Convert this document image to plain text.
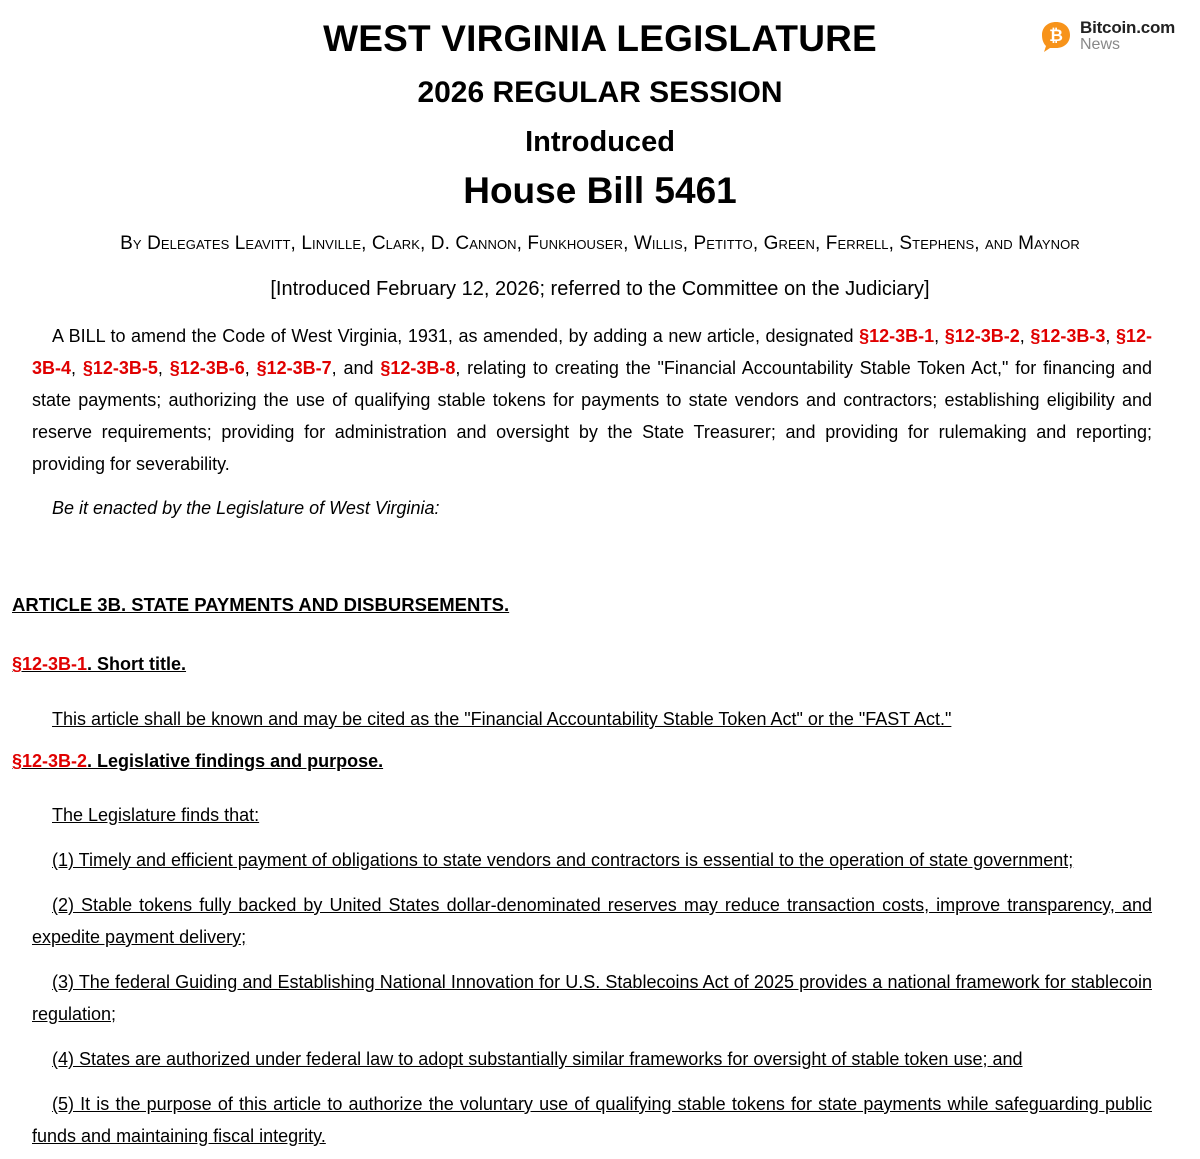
₿ Bitcoin.com
News
WEST VIRGINIA LEGISLATURE
2026 REGULAR SESSION
Introduced
House Bill 5461
By Delegates Leavitt, Linville, Clark, D. Cannon, Funkhouser, Willis, Petitto, Green, Ferrell, Stephens, and Maynor
[Introduced February 12, 2026; referred to the Committee on the Judiciary]

A BILL to amend the Code of West Virginia, 1931, as amended, by adding a new article, designated §12-3B-1, §12-3B-2, §12-3B-3, §12-3B-4, §12-3B-5, §12-3B-6, §12-3B-7, and §12-3B-8, relating to creating the "Financial Accountability Stable Token Act," for financing and state payments; authorizing the use of qualifying stable tokens for payments to state vendors and contractors; establishing eligibility and reserve requirements; providing for administration and oversight by the State Treasurer; and providing for rulemaking and reporting; providing for severability.

Be it enacted by the Legislature of West Virginia:

ARTICLE 3B. STATE PAYMENTS AND DISBURSEMENTS.
§12-3B-1. Short title.

This article shall be known and may be cited as the "Financial Accountability Stable Token Act" or the "FAST Act."

§12-3B-2. Legislative findings and purpose.

The Legislature finds that:

(1) Timely and efficient payment of obligations to state vendors and contractors is essential to the operation of state government;

(2) Stable tokens fully backed by United States dollar-denominated reserves may reduce transaction costs, improve transparency, and expedite payment delivery;

(3) The federal Guiding and Establishing National Innovation for U.S. Stablecoins Act of 2025 provides a national framework for stablecoin regulation;

(4) States are authorized under federal law to adopt substantially similar frameworks for oversight of stable token use; and

(5) It is the purpose of this article to authorize the voluntary use of qualifying stable tokens for state payments while safeguarding public funds and maintaining fiscal integrity.
